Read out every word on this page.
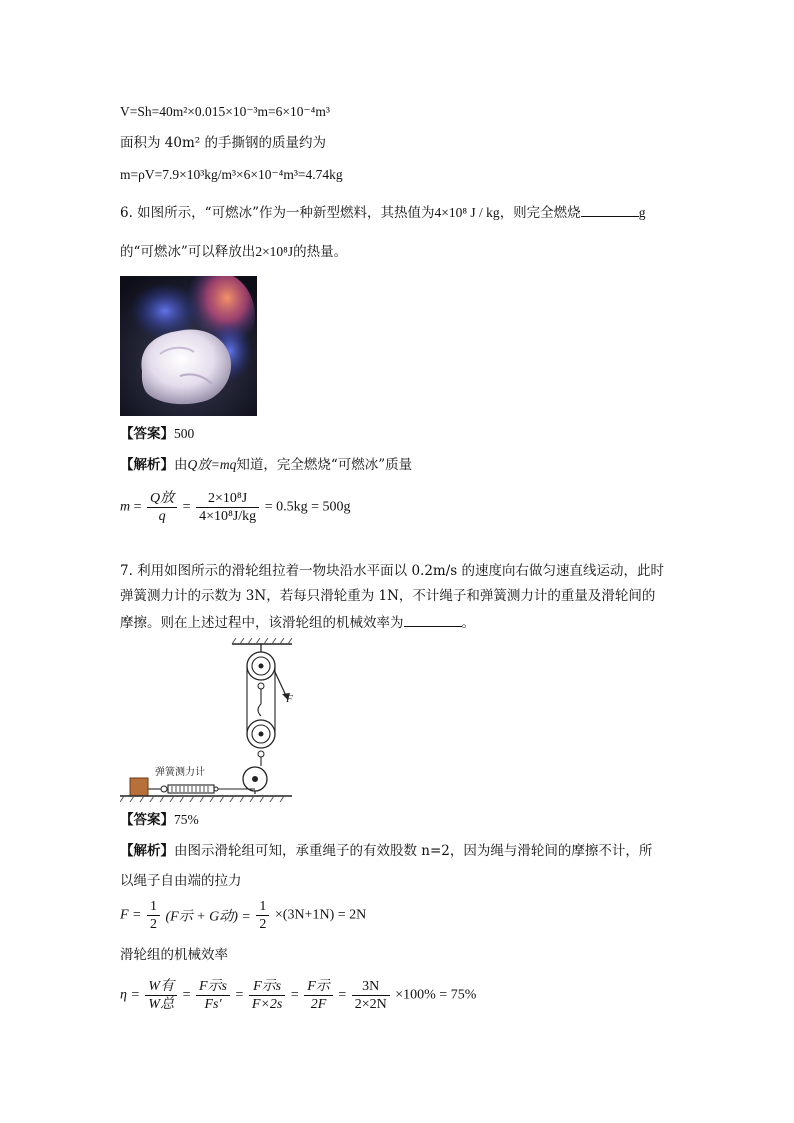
V=Sh=40m²×0.015×10⁻³m=6×10⁻⁴m³
面积为 40m² 的手撕钢的质量约为
m=ρV=7.9×10³kg/m³×6×10⁻⁴m³=4.74kg
6. 如图所示，“可燃冰”作为一种新型燃料，其热值为4×10⁸ J / kg，则完全燃烧	g
的“可燃冰”可以释放出2×10⁸J的热量。
【答案】500
【解析】由Q放=mq知道，完全燃烧“可燃冰”质量
$m = \frac{\text{Q放}}{q} = \frac{\text{2×10⁸J}}{\text{4×10⁸J/kg}} = 0.5kg = 500g$
7. 利用如图所示的滑轮组拉着一物块沿水平面以 0.2m/s 的速度向右做匀速直线运动，此时
弹簧测力计的示数为 3N，若每只滑轮重为 1N，不计绳子和弹簧测力计的重量及滑轮间的
摩擦。则在上述过程中，该滑轮组的机械效率为	。
F
弹簧测力计
【答案】75%
【解析】由图示滑轮组可知，承重绳子的有效股数 n=2，因为绳与滑轮间的摩擦不计，所
以绳子自由端的拉力
$F = \frac{1}{2} (F$示 + G动) = $\frac{1}{2} \times(3N+1N) = 2N$
滑轮组的机械效率
$\eta = \frac{\text{W有}}{\text{W总}} = \frac{\text{F示s}}{Fs'} = \frac{\text{F示s}}{F\times 2s} = \frac{\text{F示}}{2F} = \frac{3N}{2\times 2N} \times 100\% = 75\%$
